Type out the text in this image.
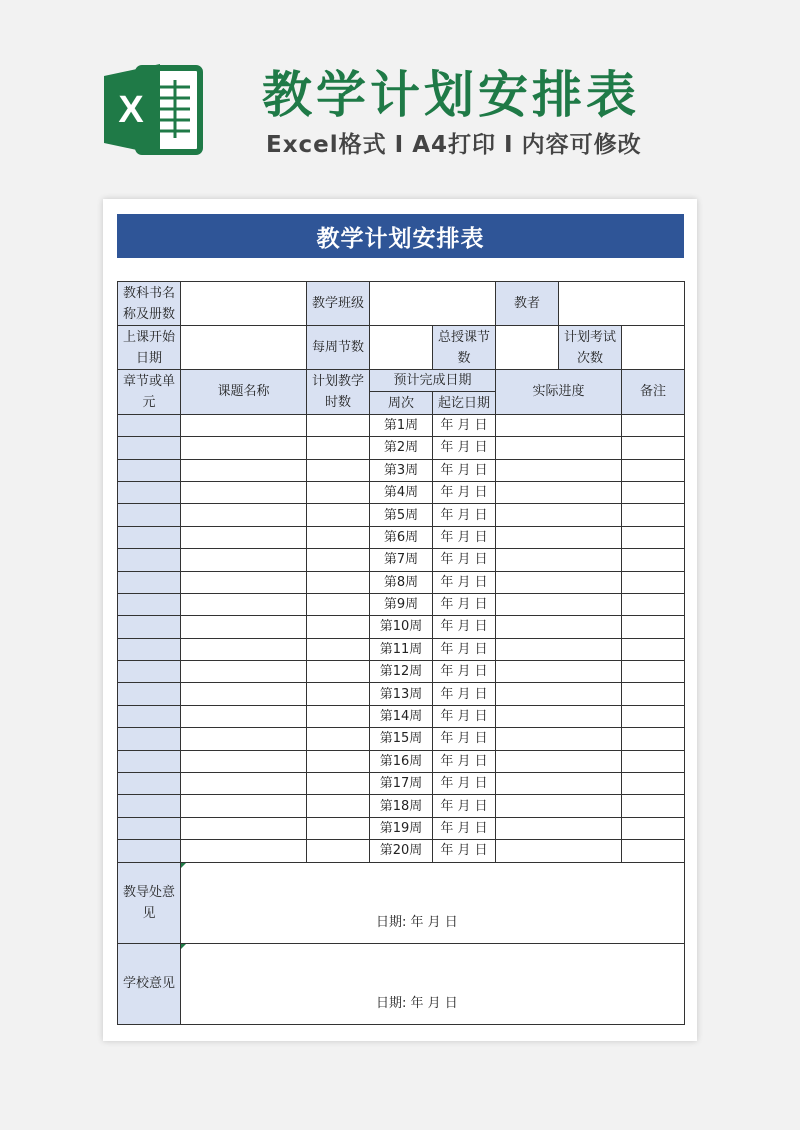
X 教学计划安排表
Excel格式 I A4打印 I 内容可修改
教学计划安排表
教科书名称及册数		教学班级			教者		
上课开始日期		每周节数		总授课节数		计划考试次数	
章节或单元	课题名称	计划教学时数	预计完成日期		实际进度		备注
			周次	起讫日期			
			第1周	年 月 日			
			第2周	年 月 日			
			第3周	年 月 日			
			第4周	年 月 日			
			第5周	年 月 日			
			第6周	年 月 日			
			第7周	年 月 日			
			第8周	年 月 日			
			第9周	年 月 日			
			第10周	年 月 日			
			第11周	年 月 日			
			第12周	年 月 日			
			第13周	年 月 日			
			第14周	年 月 日			
			第15周	年 月 日			
			第16周	年 月 日			
			第17周	年 月 日			
			第18周	年 月 日			
			第19周	年 月 日			
			第20周	年 月 日			
教导处意见	日期: 年 月 日						

学校意见	日期: 年 月 日						
